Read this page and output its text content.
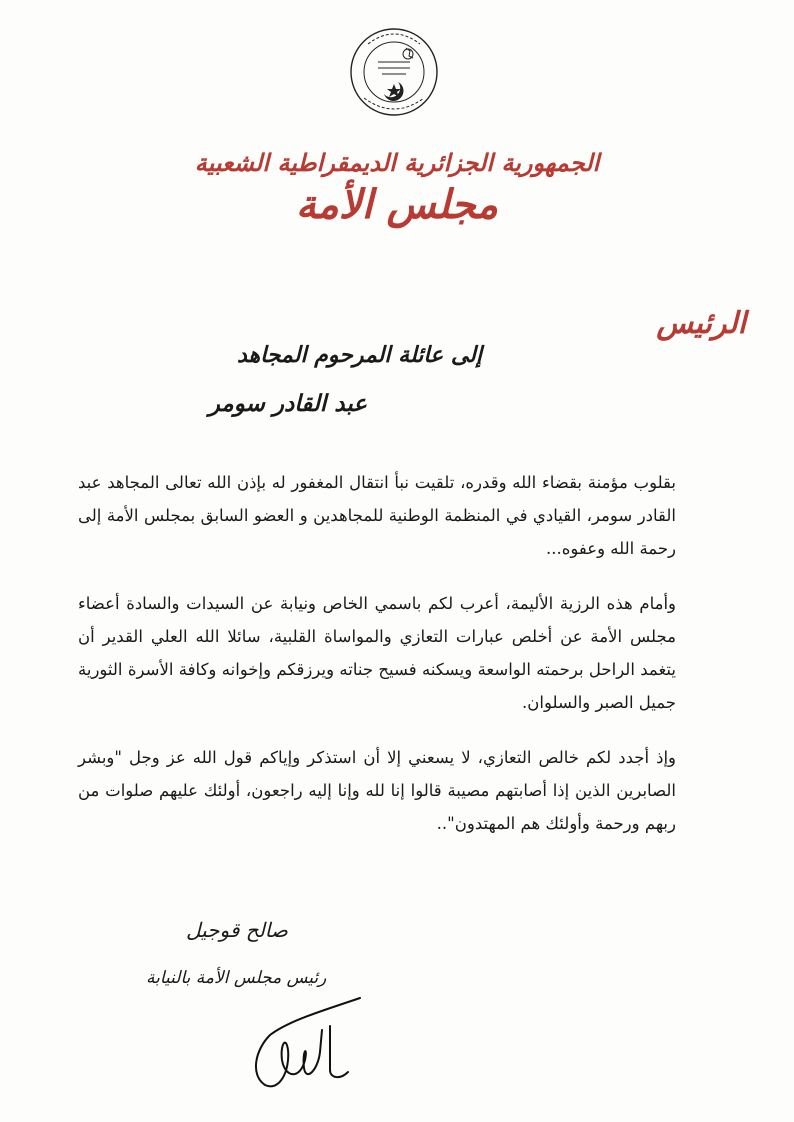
الجمهورية الجزائرية الديمقراطية الشعبية
مجلس الأمة
الرئيس
إلى عائلة المرحوم المجاهد
عبد القادر سومر

بقلوب مؤمنة بقضاء الله وقدره، تلقيت نبأ انتقال المغفور له بإذن الله تعالى المجاهد عبد القادر سومر، القيادي في المنظمة الوطنية للمجاهدين و العضو السابق بمجلس الأمة إلى رحمة الله وعفوه...

وأمام هذه الرزية الأليمة، أعرب لكم باسمي الخاص ونيابة عن السيدات والسادة أعضاء مجلس الأمة عن أخلص عبارات التعازي والمواساة القلبية، سائلا الله العلي القدير أن يتغمد الراحل برحمته الواسعة ويسكنه فسيح جناته ويرزقكم وإخوانه وكافة الأسرة الثورية جميل الصبر والسلوان.

وإذ أجدد لكم خالص التعازي، لا يسعني إلا أن استذكر وإياكم قول الله عز وجل "وبشر الصابرين الذين إذا أصابتهم مصيبة قالوا إنا لله وإنا إليه راجعون، أولئك عليهم صلوات من ربهم ورحمة وأولئك هم المهتدون"..

صالح قوجيل
رئيس مجلس الأمة بالنيابة
